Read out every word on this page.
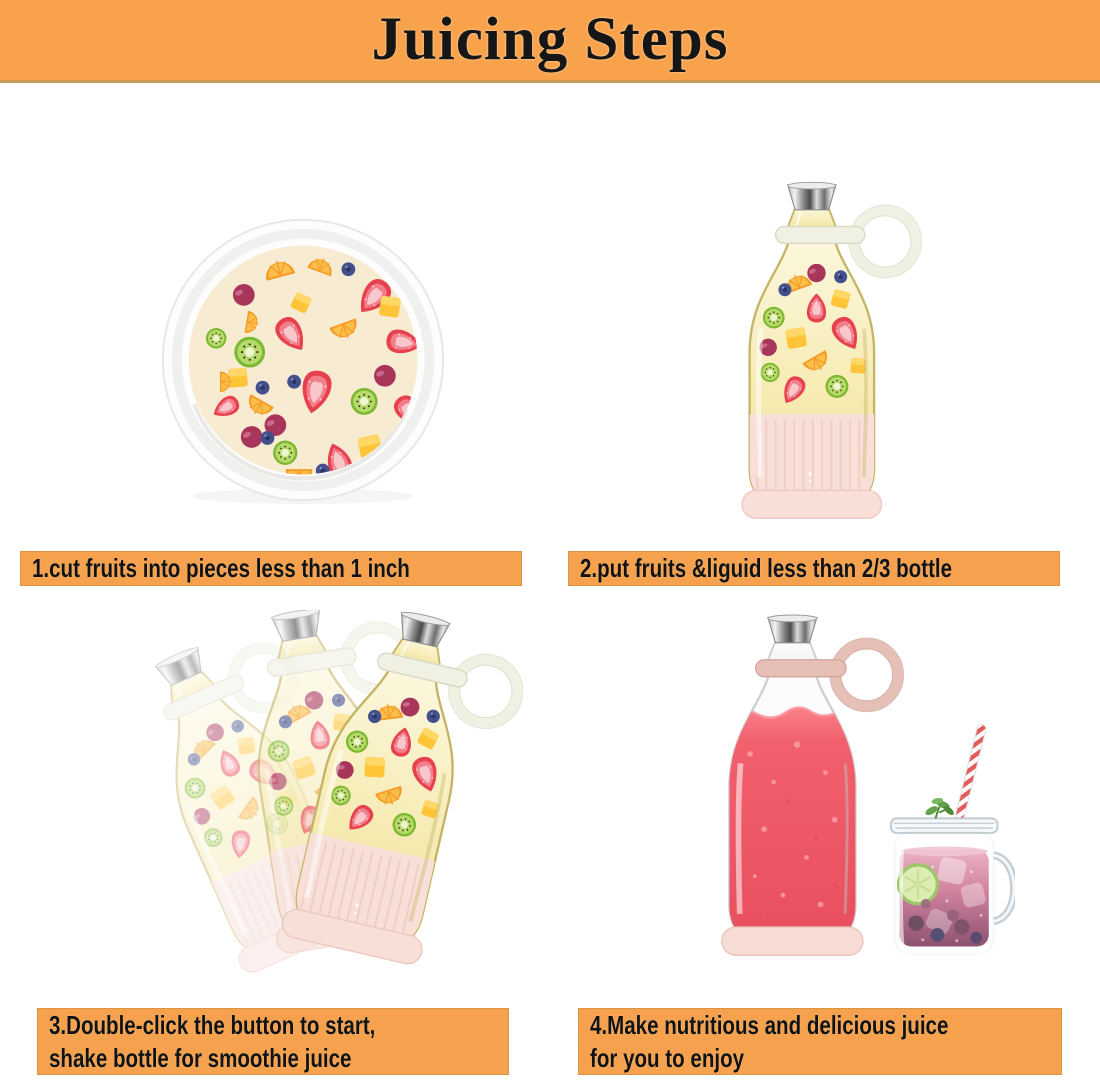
Juicing Steps
1.cut fruits into pieces less than 1 inch	2.put fruits &liguid less than 2/3 bottle
3.Double-click the button to start,
shake bottle for smoothie juice
4.Make nutritious and delicious juice
for you to enjoy
